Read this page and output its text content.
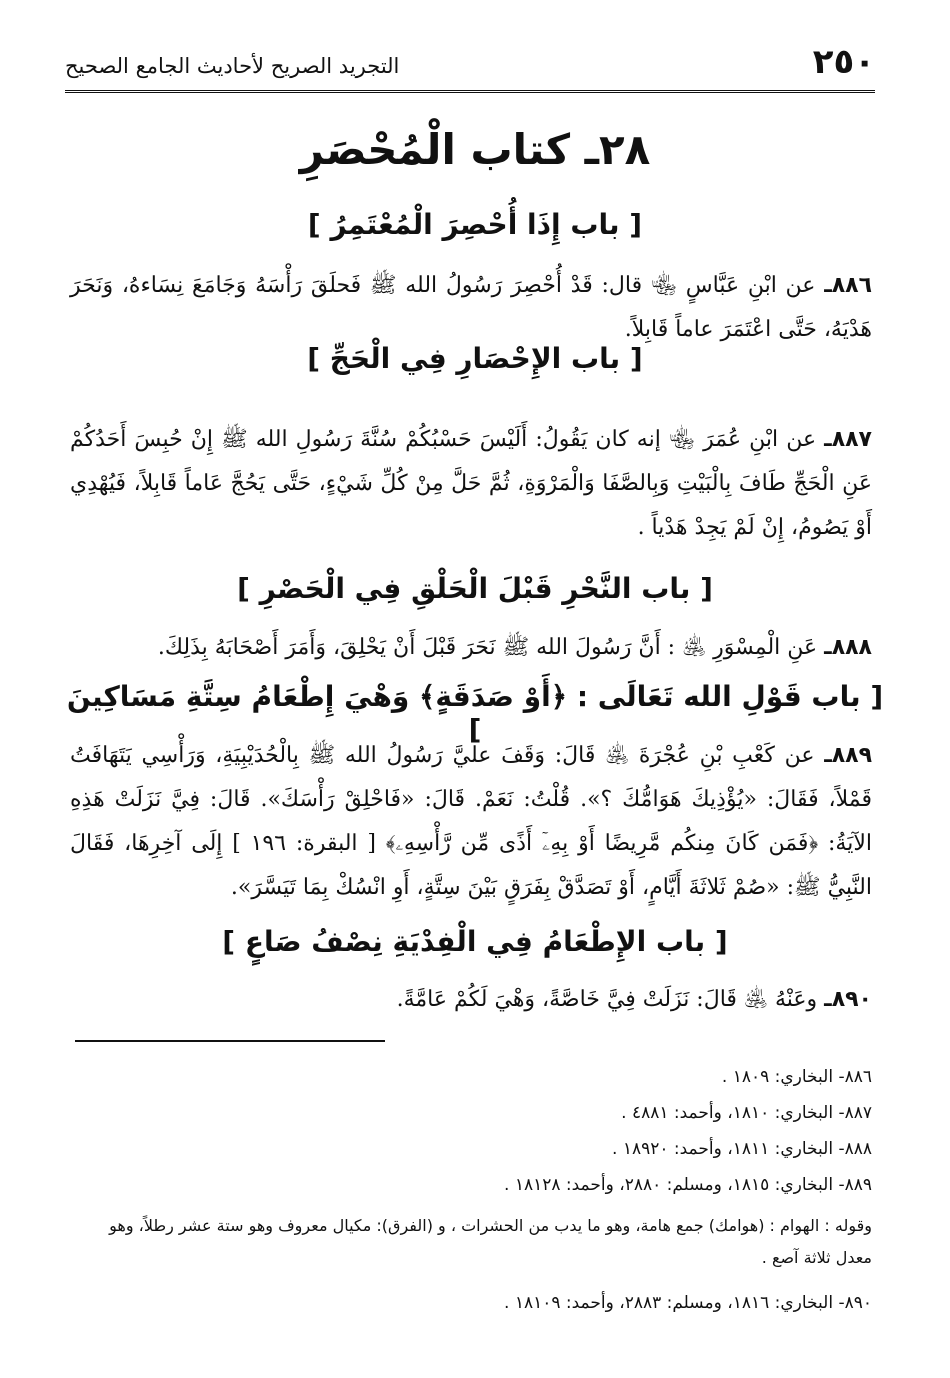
٢٥٠
التجريد الصريح لأحاديث الجامع الصحيح
٢٨ـ كتاب الْمُحْصَرِ
[ باب إِذَا أُحْصِرَ الْمُعْتَمِرُ ]
٨٨٦ـ عن ابْنِ عَبَّاسٍ ﵄ قال: قَدْ أُحْصِرَ رَسُولُ الله ﷺ فَحلَقَ رَأْسَهُ وَجَامَعَ نِسَاءهُ، وَنَحَرَ هَدْيَهُ، حَتَّى اعْتَمَرَ عاماً قَابِلاً.
[ باب الإِحْصَارِ فِي الْحَجِّ ]
٨٨٧ـ عن ابْنِ عُمَرَ ﵄ إنه كان يَقُولُ: أَلَيْسَ حَسْبُكُمْ سُنَّةَ رَسُولِ الله ﷺ إِنْ حُبِسَ أَحَدُكُمْ عَنِ الْحَجِّ طَافَ بِالْبَيْتِ وَبِالصَّفَا وَالْمَرْوَةِ، ثُمَّ حَلَّ مِنْ كُلِّ شَيْءٍ، حَتَّى يَحُجَّ عَاماً قَابِلاً، فَيُهْدِي أَوْ يَصُومُ، إِنْ لَمْ يَجِدْ هَدْياً .
[ باب النَّحْرِ قَبْلَ الْحَلْقِ فِي الْحَصْرِ ]
٨٨٨ـ عَنِ الْمِسْوَرِ ﵁ : أَنَّ رَسُولَ الله ﷺ نَحَرَ قَبْلَ أَنْ يَحْلِقَ، وَأَمَرَ أَصْحَابَهُ بِذَلِكَ.
[ باب قَوْلِ الله تَعَالَى : ﴿أَوْ صَدَقَةٍ﴾ وَهْيَ إِطْعَامُ سِتَّةِ مَسَاكِينَ ]
٨٨٩ـ عن كَعْبِ بْنِ عُجْرَةَ ﵁ قَالَ: وَقَفَ عليَّ رَسُولُ الله ﷺ بِالْحُدَيْبِيَةِ، وَرَأْسِي يَتَهَافَتُ قَمْلاً، فَقَالَ: «يُؤْذِيكَ هَوَامُّكَ ؟». قُلْتُ: نَعَمْ. قَالَ: «فَاحْلِقْ رَأْسَكَ». قَالَ: فِيَّ نَزَلَتْ هَذِهِ الآيَةُ: ﴿فَمَن كَانَ مِنكُم مَّرِيضًا أَوْ بِهِۦٓ أَذًى مِّن رَّأْسِهِۦ﴾ [ البقرة: ١٩٦ ] إِلَى آخِرِهَا، فَقَالَ النَّبِيُّ ﷺ: «صُمْ ثَلاثَةَ أَيَّامٍ، أَوْ تَصَدَّقْ بِفَرَقٍ بَيْنَ سِتَّةٍ، أَوِ انْسُكْ بِمَا تَيَسَّرَ».
[ باب الإِطْعَامُ فِي الْفِدْيَةِ نِصْفُ صَاعٍ ]
٨٩٠ـ وعَنْهُ ﵁ قَالَ: نَزَلَتْ فِيَّ خَاصَّةً، وَهْيَ لَكُمْ عَامَّةً.
٨٨٦- البخاري: ١٨٠٩ .
٨٨٧- البخاري: ١٨١٠، وأحمد: ٤٨٨١ .
٨٨٨- البخاري: ١٨١١، وأحمد: ١٨٩٢٠ .
٨٨٩- البخاري: ١٨١٥، ومسلم: ٢٨٨٠، وأحمد: ١٨١٢٨ .
وقوله : الهوام : (هوامك) جمع هامة، وهو ما يدب من الحشرات ، و (الفرق): مكيال معروف وهو ستة عشر رطلاً، وهو معدل ثلاثة آصع .
٨٩٠- البخاري: ١٨١٦، ومسلم: ٢٨٨٣، وأحمد: ١٨١٠٩ .
